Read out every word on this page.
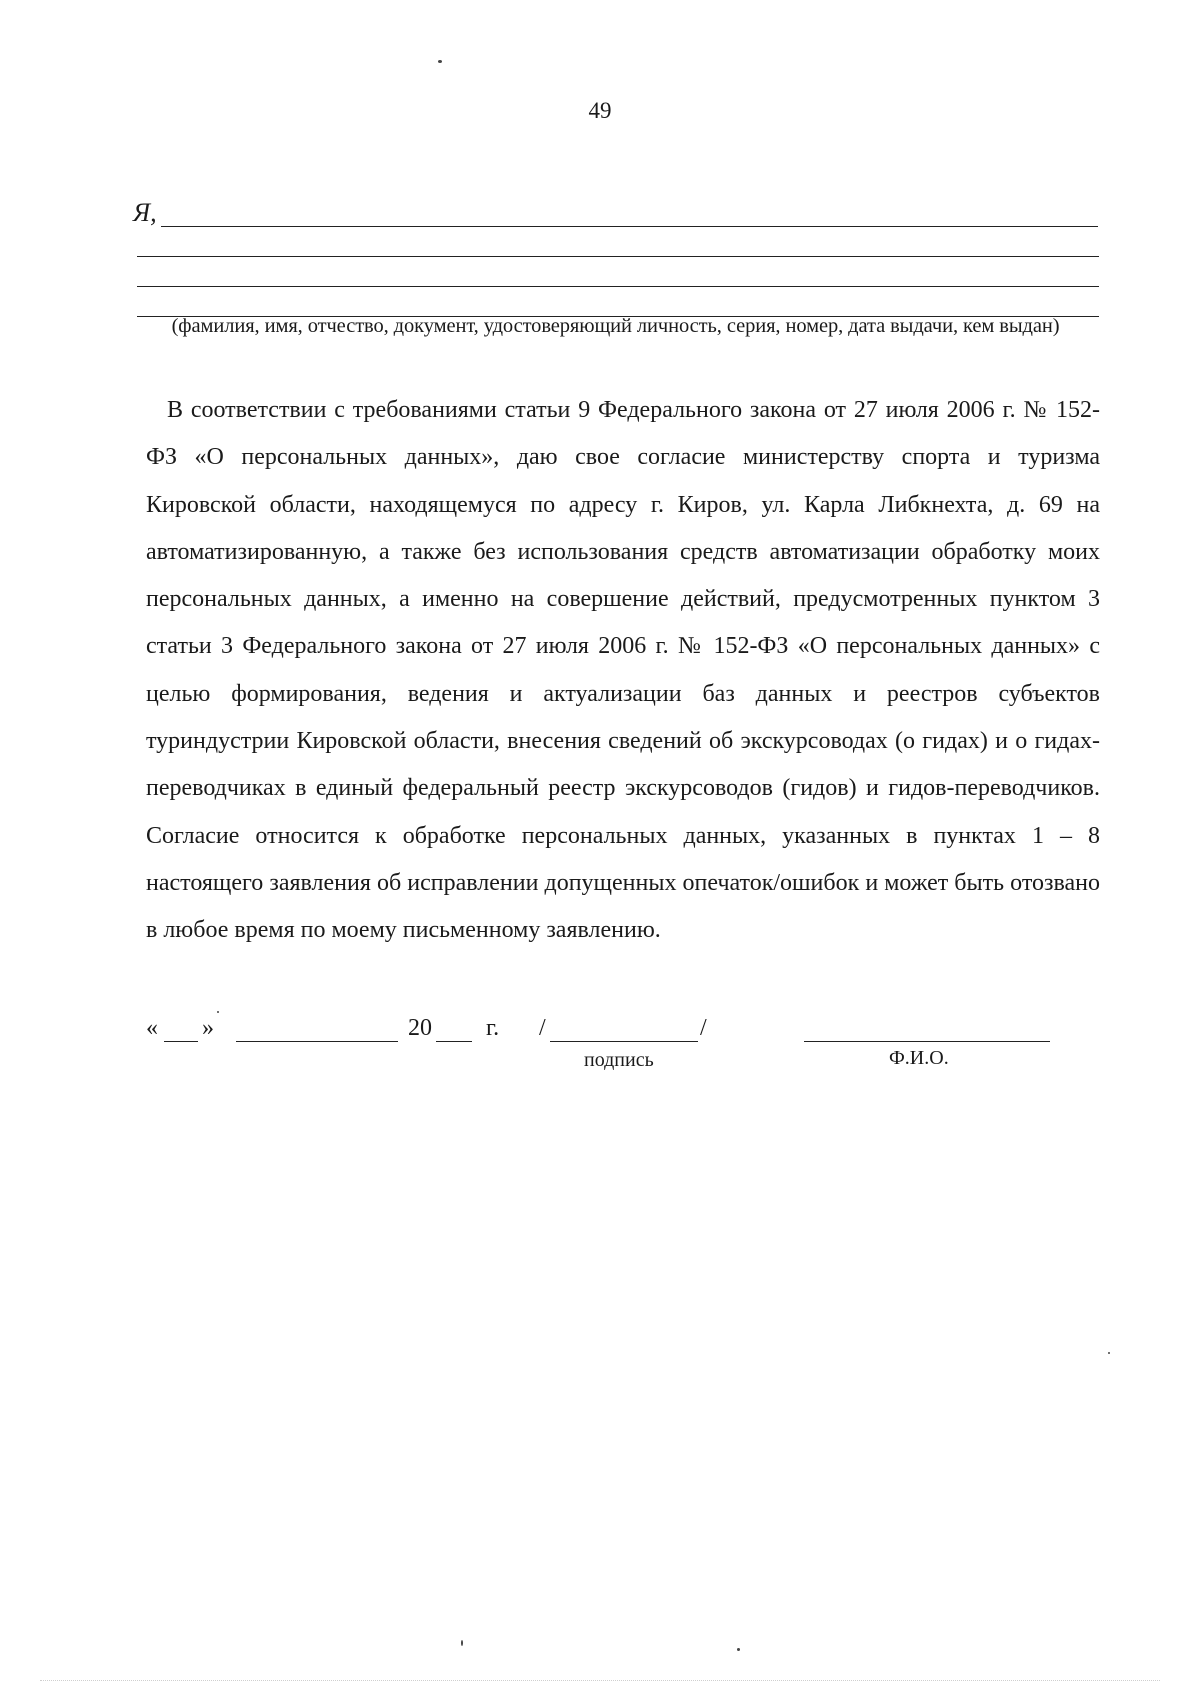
49
Я,
(фамилия, имя, отчество, документ, удостоверяющий личность, серия, номер, дата выдачи, кем выдан)

В соответствии с требованиями статьи 9 Федерального закона от 27 июля 2006 г. № 152-ФЗ «О персональных данных», даю свое согласие министерству спорта и туризма Кировской области, находящемуся по адресу г. Киров, ул. Карла Либкнехта, д. 69 на автоматизированную, а также без использования средств автоматизации обработку моих персональных данных, а именно на совершение действий, предусмотренных пунктом 3 статьи 3 Федерального закона от 27 июля 2006 г. № 152-ФЗ «О персональных данных» с целью формирования, ведения и актуализации баз данных и реестров субъектов туриндустрии Кировской области, внесения сведений об экскурсоводах (о гидах) и о гидах-переводчиках в единый федеральный реестр экскурсоводов (гидов) и гидов-переводчиков. Согласие относится к обработке персональных данных, указанных в пунктах 1 – 8 настоящего заявления об исправлении допущенных опечаток/ошибок и может быть отозвано в любое время по моему письменному заявлению.

« »	20 г. /	/
подпись	Ф.И.О.
